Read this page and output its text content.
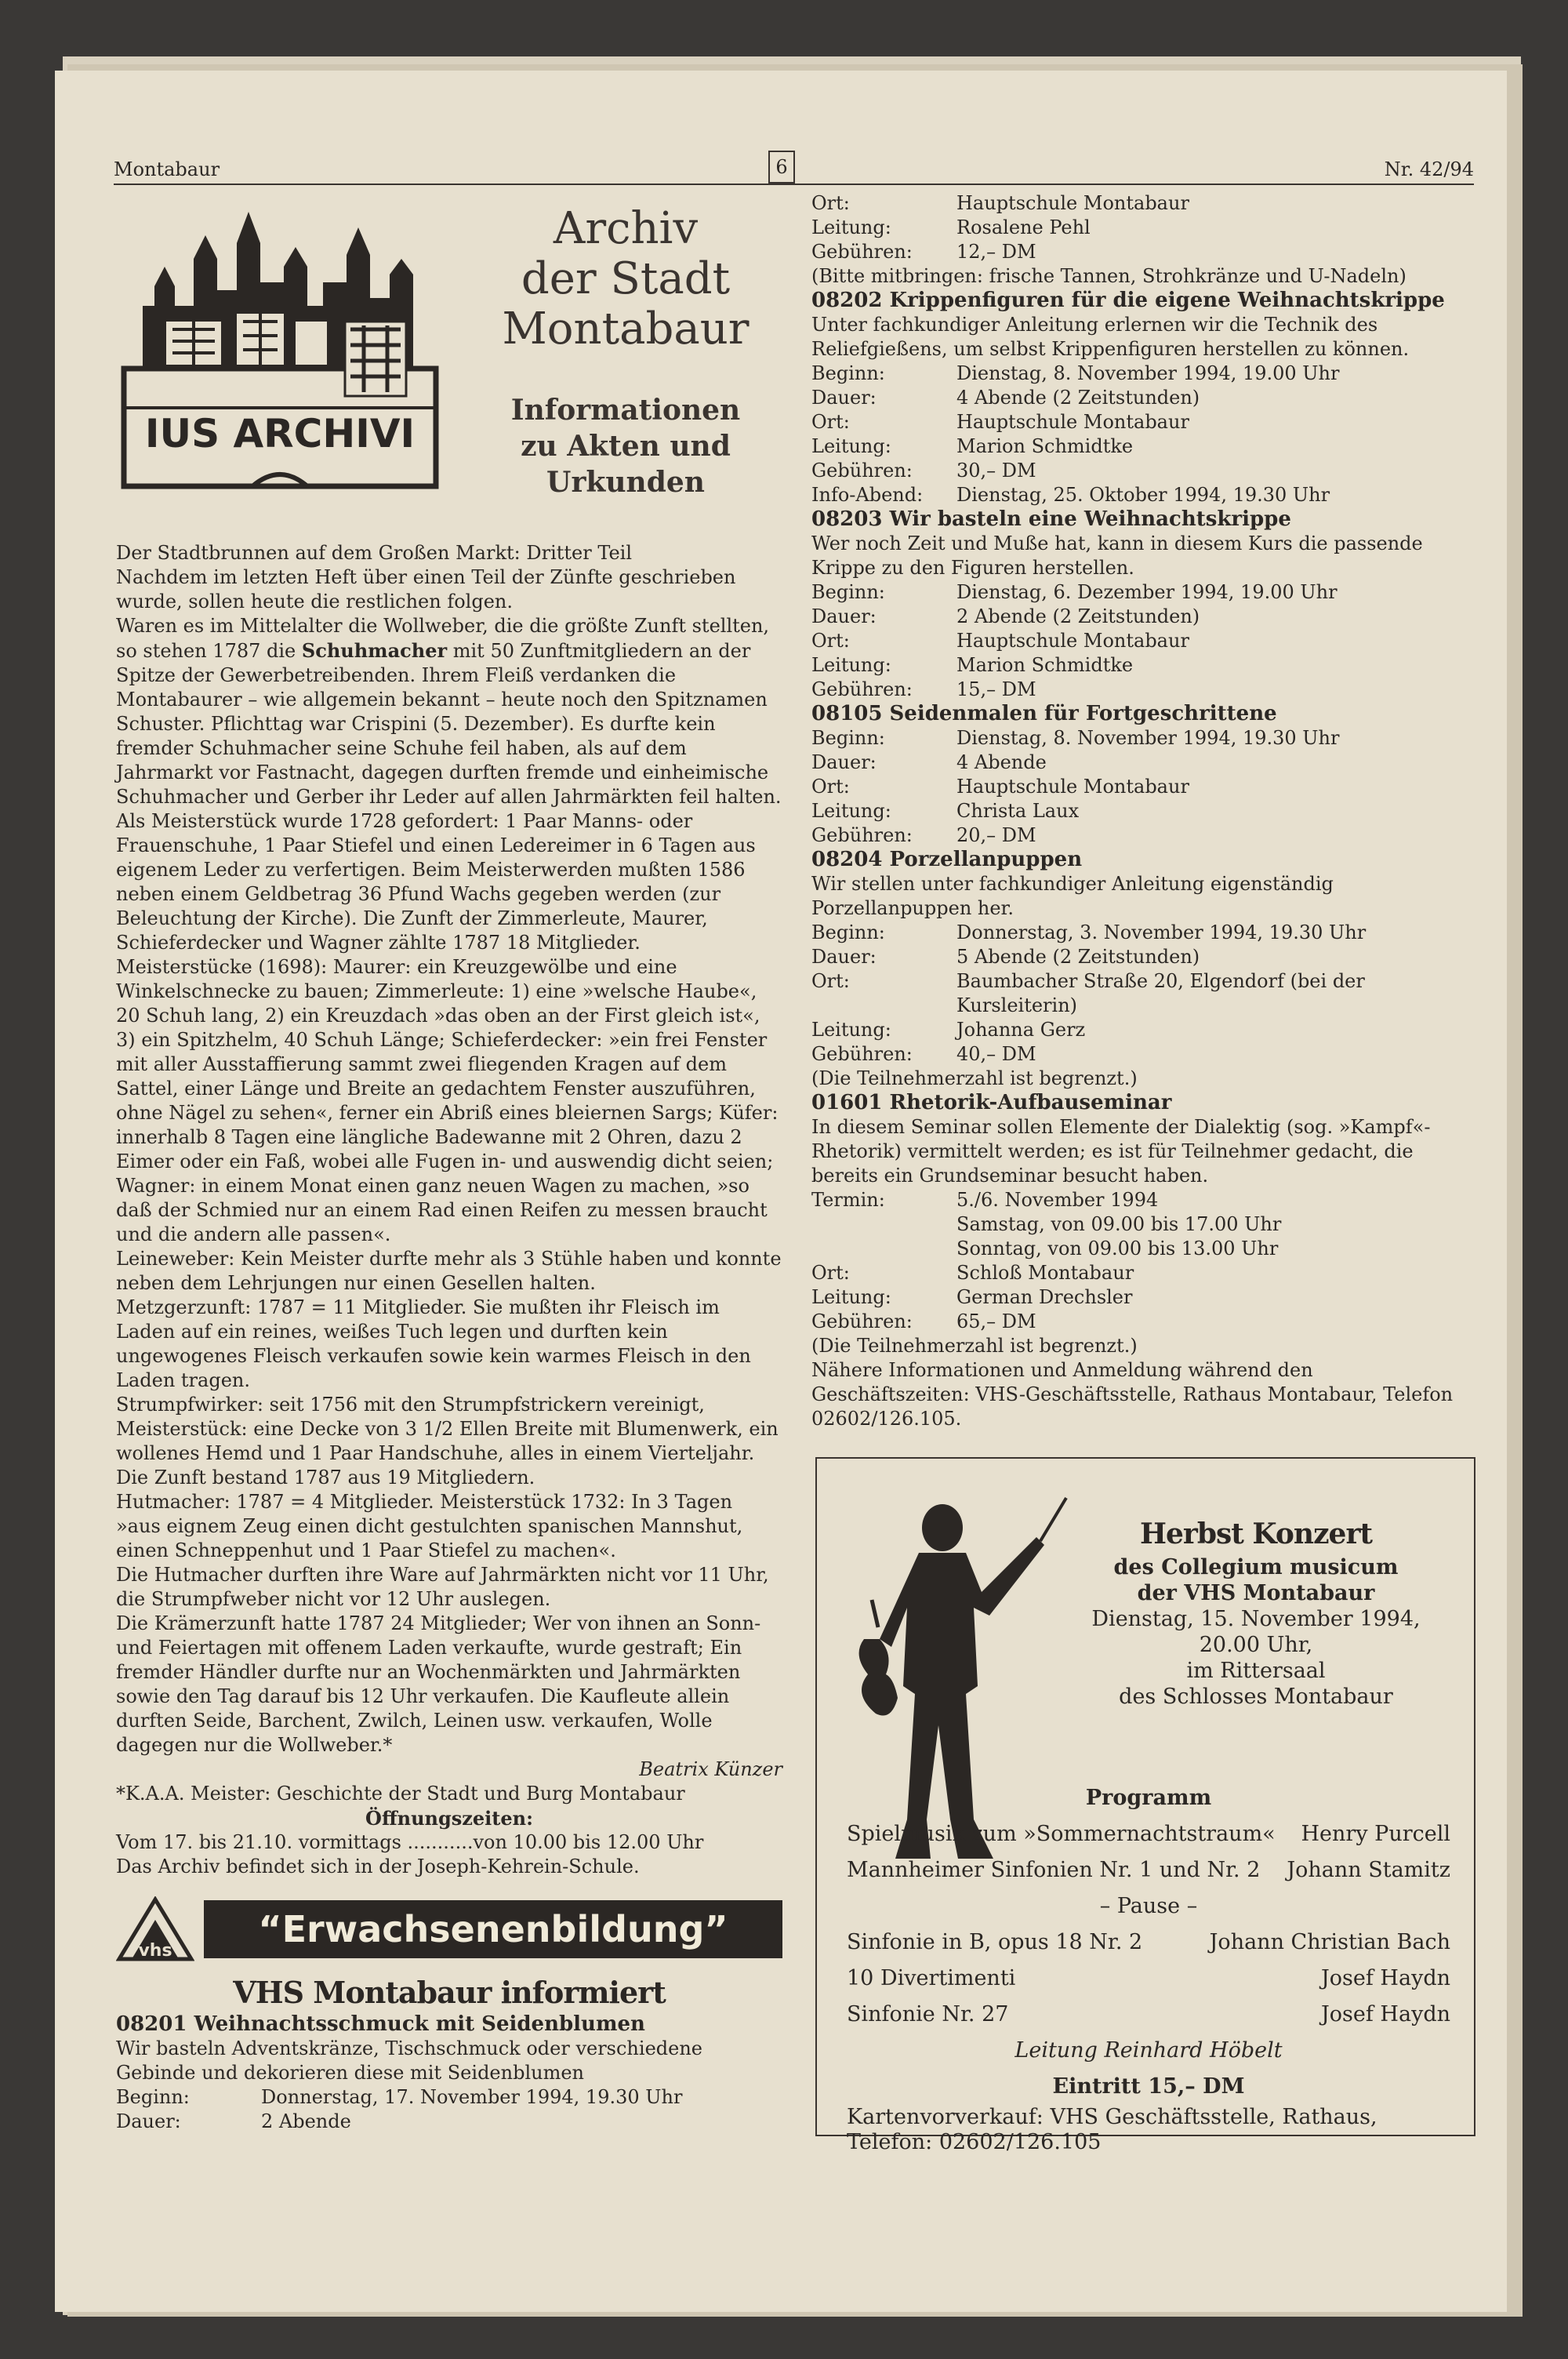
Montabaur	6	Nr. 42/94
IUS ARCHIVI
Archiv
der Stadt
Montabaur
Informationen
zu Akten und
Urkunden

Der Stadtbrunnen auf dem Großen Markt: Dritter Teil

Nachdem im letzten Heft über einen Teil der Zünfte geschrieben wurde, sollen heute die restlichen folgen.

Waren es im Mittelalter die Wollweber, die die größte Zunft stellten, so stehen 1787 die Schuhmacher mit 50 Zunftmitgliedern an der Spitze der Gewerbetreibenden. Ihrem Fleiß verdanken die Montabaurer – wie allgemein bekannt – heute noch den Spitznamen Schuster. Pflichttag war Crispini (5. Dezember). Es durfte kein fremder Schuhmacher seine Schuhe feil haben, als auf dem Jahrmarkt vor Fastnacht, dagegen durften fremde und einheimische Schuhmacher und Gerber ihr Leder auf allen Jahrmärkten feil halten.

Als Meisterstück wurde 1728 gefordert: 1 Paar Manns- oder Frauenschuhe, 1 Paar Stiefel und einen Ledereimer in 6 Tagen aus eigenem Leder zu verfertigen. Beim Meisterwerden mußten 1586 neben einem Geldbetrag 36 Pfund Wachs gegeben werden (zur Beleuchtung der Kirche). Die Zunft der Zimmerleute, Maurer, Schieferdecker und Wagner zählte 1787 18 Mitglieder. Meisterstücke (1698): Maurer: ein Kreuzgewölbe und eine Winkelschnecke zu bauen; Zimmerleute: 1) eine »welsche Haube«, 20 Schuh lang, 2) ein Kreuzdach »das oben an der First gleich ist«, 3) ein Spitzhelm, 40 Schuh Länge; Schieferdecker: »ein frei Fenster mit aller Ausstaffierung sammt zwei fliegenden Kragen auf dem Sattel, einer Länge und Breite an gedachtem Fenster auszuführen, ohne Nägel zu sehen«, ferner ein Abriß eines bleiernen Sargs; Küfer: innerhalb 8 Tagen eine längliche Badewanne mit 2 Ohren, dazu 2 Eimer oder ein Faß, wobei alle Fugen in- und auswendig dicht seien; Wagner: in einem Monat einen ganz neuen Wagen zu machen, »so daß der Schmied nur an einem Rad einen Reifen zu messen braucht und die andern alle passen«.

Leineweber: Kein Meister durfte mehr als 3 Stühle haben und konnte neben dem Lehrjungen nur einen Gesellen halten.

Metzgerzunft: 1787 = 11 Mitglieder. Sie mußten ihr Fleisch im Laden auf ein reines, weißes Tuch legen und durften kein ungewogenes Fleisch verkaufen sowie kein warmes Fleisch in den Laden tragen.

Strumpfwirker: seit 1756 mit den Strumpfstrickern vereinigt, Meisterstück: eine Decke von 3 1/2 Ellen Breite mit Blumenwerk, ein wollenes Hemd und 1 Paar Handschuhe, alles in einem Vierteljahr. Die Zunft bestand 1787 aus 19 Mitgliedern.

Hutmacher: 1787 = 4 Mitglieder. Meisterstück 1732: In 3 Tagen »aus eignem Zeug einen dicht gestulchten spanischen Mannshut, einen Schneppenhut und 1 Paar Stiefel zu machen«.

Die Hutmacher durften ihre Ware auf Jahrmärkten nicht vor 11 Uhr, die Strumpfweber nicht vor 12 Uhr auslegen.

Die Krämerzunft hatte 1787 24 Mitglieder; Wer von ihnen an Sonn- und Feiertagen mit offenem Laden verkaufte, wurde gestraft; Ein fremder Händler durfte nur an Wochenmärkten und Jahrmärkten sowie den Tag darauf bis 12 Uhr verkaufen. Die Kaufleute allein durften Seide, Barchent, Zwilch, Leinen usw. verkaufen, Wolle dagegen nur die Wollweber.*

Beatrix Künzer

*K.A.A. Meister: Geschichte der Stadt und Burg Montabaur

Öffnungszeiten:

Vom 17. bis 21.10. vormittags ...........von 10.00 bis 12.00 Uhr

Das Archiv befindet sich in der Joseph-Kehrein-Schule.

vhs
“Erwachsenenbildung”
VHS Montabaur informiert

08201 Weihnachtsschmuck mit Seidenblumen

Wir basteln Adventskränze, Tischschmuck oder verschiedene Gebinde und dekorieren diese mit Seidenblumen

Beginn:	Donnerstag, 17. November 1994, 19.30 Uhr
Dauer:	2 Abende
Ort:	Hauptschule Montabaur
Leitung:	Rosalene Pehl
Gebühren:	12,– DM

(Bitte mitbringen: frische Tannen, Strohkränze und U-Nadeln)

08202 Krippenfiguren für die eigene Weihnachtskrippe

Unter fachkundiger Anleitung erlernen wir die Technik des Reliefgießens, um selbst Krippenfiguren herstellen zu können.

Beginn:	Dienstag, 8. November 1994, 19.00 Uhr
Dauer:	4 Abende (2 Zeitstunden)
Ort:	Hauptschule Montabaur
Leitung:	Marion Schmidtke
Gebühren:	30,– DM
Info-Abend:	Dienstag, 25. Oktober 1994, 19.30 Uhr

08203 Wir basteln eine Weihnachtskrippe

Wer noch Zeit und Muße hat, kann in diesem Kurs die passende Krippe zu den Figuren herstellen.

Beginn:	Dienstag, 6. Dezember 1994, 19.00 Uhr
Dauer:	2 Abende (2 Zeitstunden)
Ort:	Hauptschule Montabaur
Leitung:	Marion Schmidtke
Gebühren:	15,– DM

08105 Seidenmalen für Fortgeschrittene

Beginn:	Dienstag, 8. November 1994, 19.30 Uhr
Dauer:	4 Abende
Ort:	Hauptschule Montabaur
Leitung:	Christa Laux
Gebühren:	20,– DM

08204 Porzellanpuppen

Wir stellen unter fachkundiger Anleitung eigenständig Porzellanpuppen her.

Beginn:	Donnerstag, 3. November 1994, 19.30 Uhr
Dauer:	5 Abende (2 Zeitstunden)
Ort:	Baumbacher Straße 20, Elgendorf (bei der Kursleiterin)
Leitung:	Johanna Gerz
Gebühren:	40,– DM

(Die Teilnehmerzahl ist begrenzt.)

01601 Rhetorik-Aufbauseminar

In diesem Seminar sollen Elemente der Dialektig (sog. »Kampf«-Rhetorik) vermittelt werden; es ist für Teilnehmer gedacht, die bereits ein Grundseminar besucht haben.

Termin:	5./6. November 1994
Samstag, von 09.00 bis 17.00 Uhr
Sonntag, von 09.00 bis 13.00 Uhr
Ort:	Schloß Montabaur
Leitung:	German Drechsler
Gebühren:	65,– DM

(Die Teilnehmerzahl ist begrenzt.)

Nähere Informationen und Anmeldung während den Geschäftszeiten: VHS-Geschäftsstelle, Rathaus Montabaur, Telefon 02602/126.105.

Herbst Konzert
des Collegium musicum
der VHS Montabaur
Dienstag, 15. November 1994,
20.00 Uhr,
im Rittersaal
des Schlosses Montabaur
Programm
Spielmusik zum »Sommernachtstraum« Henry Purcell
Mannheimer Sinfonien Nr. 1 und Nr. 2 Johann Stamitz
– Pause –
Sinfonie in B, opus 18 Nr. 2	Johann Christian Bach
10 Divertimenti	Josef Haydn
Sinfonie Nr. 27	Josef Haydn
Leitung Reinhard Höbelt
Eintritt 15,– DM
Kartenvorverkauf: VHS Geschäftsstelle, Rathaus, Telefon: 02602/126.105
